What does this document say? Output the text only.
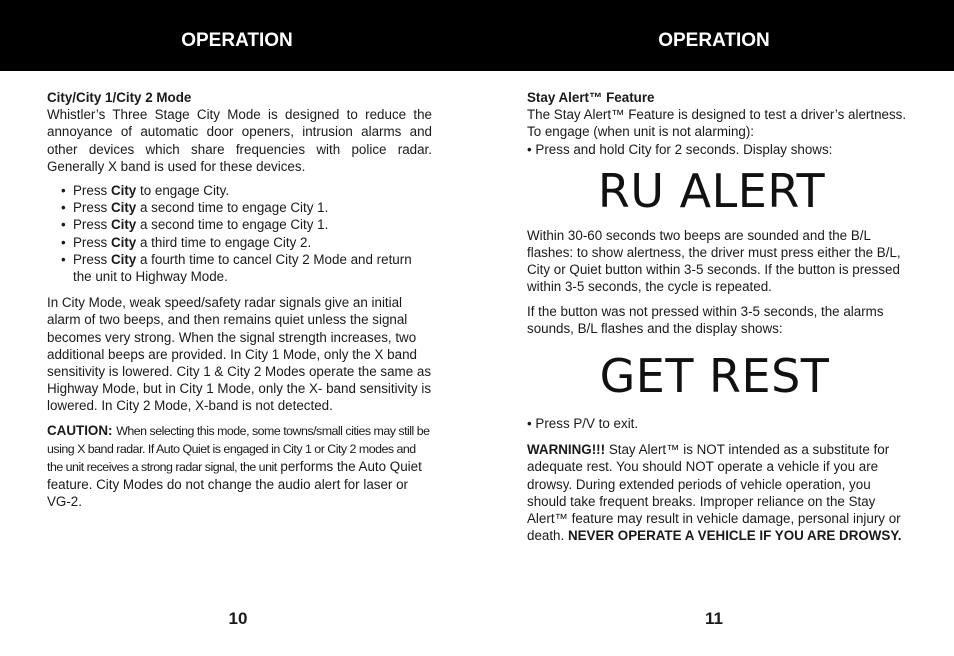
OPERATION	OPERATION
City/City 1/City 2 Mode

Whistler’s Three Stage City Mode is designed to reduce the annoyance of automatic door openers, intrusion alarms and other devices which share frequencies with police radar. Generally X band is used for these devices.

• Press City to engage City.
• Press City a second time to engage City 1.
• Press City a second time to engage City 1.
• Press City a third time to engage City 2.
• Press City a fourth time to cancel City 2 Mode and return the unit to Highway Mode.

In City Mode, weak speed/safety radar signals give an initial alarm of two beeps, and then remains quiet unless the signal becomes very strong. When the signal strength increases, two additional beeps are provided. In City 1 Mode, only the X band sensitivity is lowered. City 1 & City 2 Modes operate the same as Highway Mode, but in City 1 Mode, only the X- band sensitivity is lowered. In City 2 Mode, X-band is not detected.

CAUTION: When selecting this mode, some towns/small cities may still be using X band radar. If Auto Quiet is engaged in City 1 or City 2 modes and the unit receives a strong radar signal, the unit performs the Auto Quiet feature. City Modes do not change the audio alert for laser or VG-2.

Stay Alert™ Feature

The Stay Alert™ Feature is designed to test a driver’s alertness. To engage (when unit is not alarming):

• Press and hold City for 2 seconds. Display shows:

RU ALERT

Within 30-60 seconds two beeps are sounded and the B/L flashes: to show alertness, the driver must press either the B/L, City or Quiet button within 3-5 seconds. If the button is pressed within 3-5 seconds, the cycle is repeated.

If the button was not pressed within 3-5 seconds, the alarms sounds, B/L flashes and the display shows:

GET REST

• Press P/V to exit.

WARNING!!! Stay Alert™ is NOT intended as a substitute for adequate rest. You should NOT operate a vehicle if you are drowsy. During extended periods of vehicle operation, you should take frequent breaks. Improper reliance on the Stay Alert™ feature may result in vehicle damage, personal injury or death. NEVER OPERATE A VEHICLE IF YOU ARE DROWSY.

10	11
